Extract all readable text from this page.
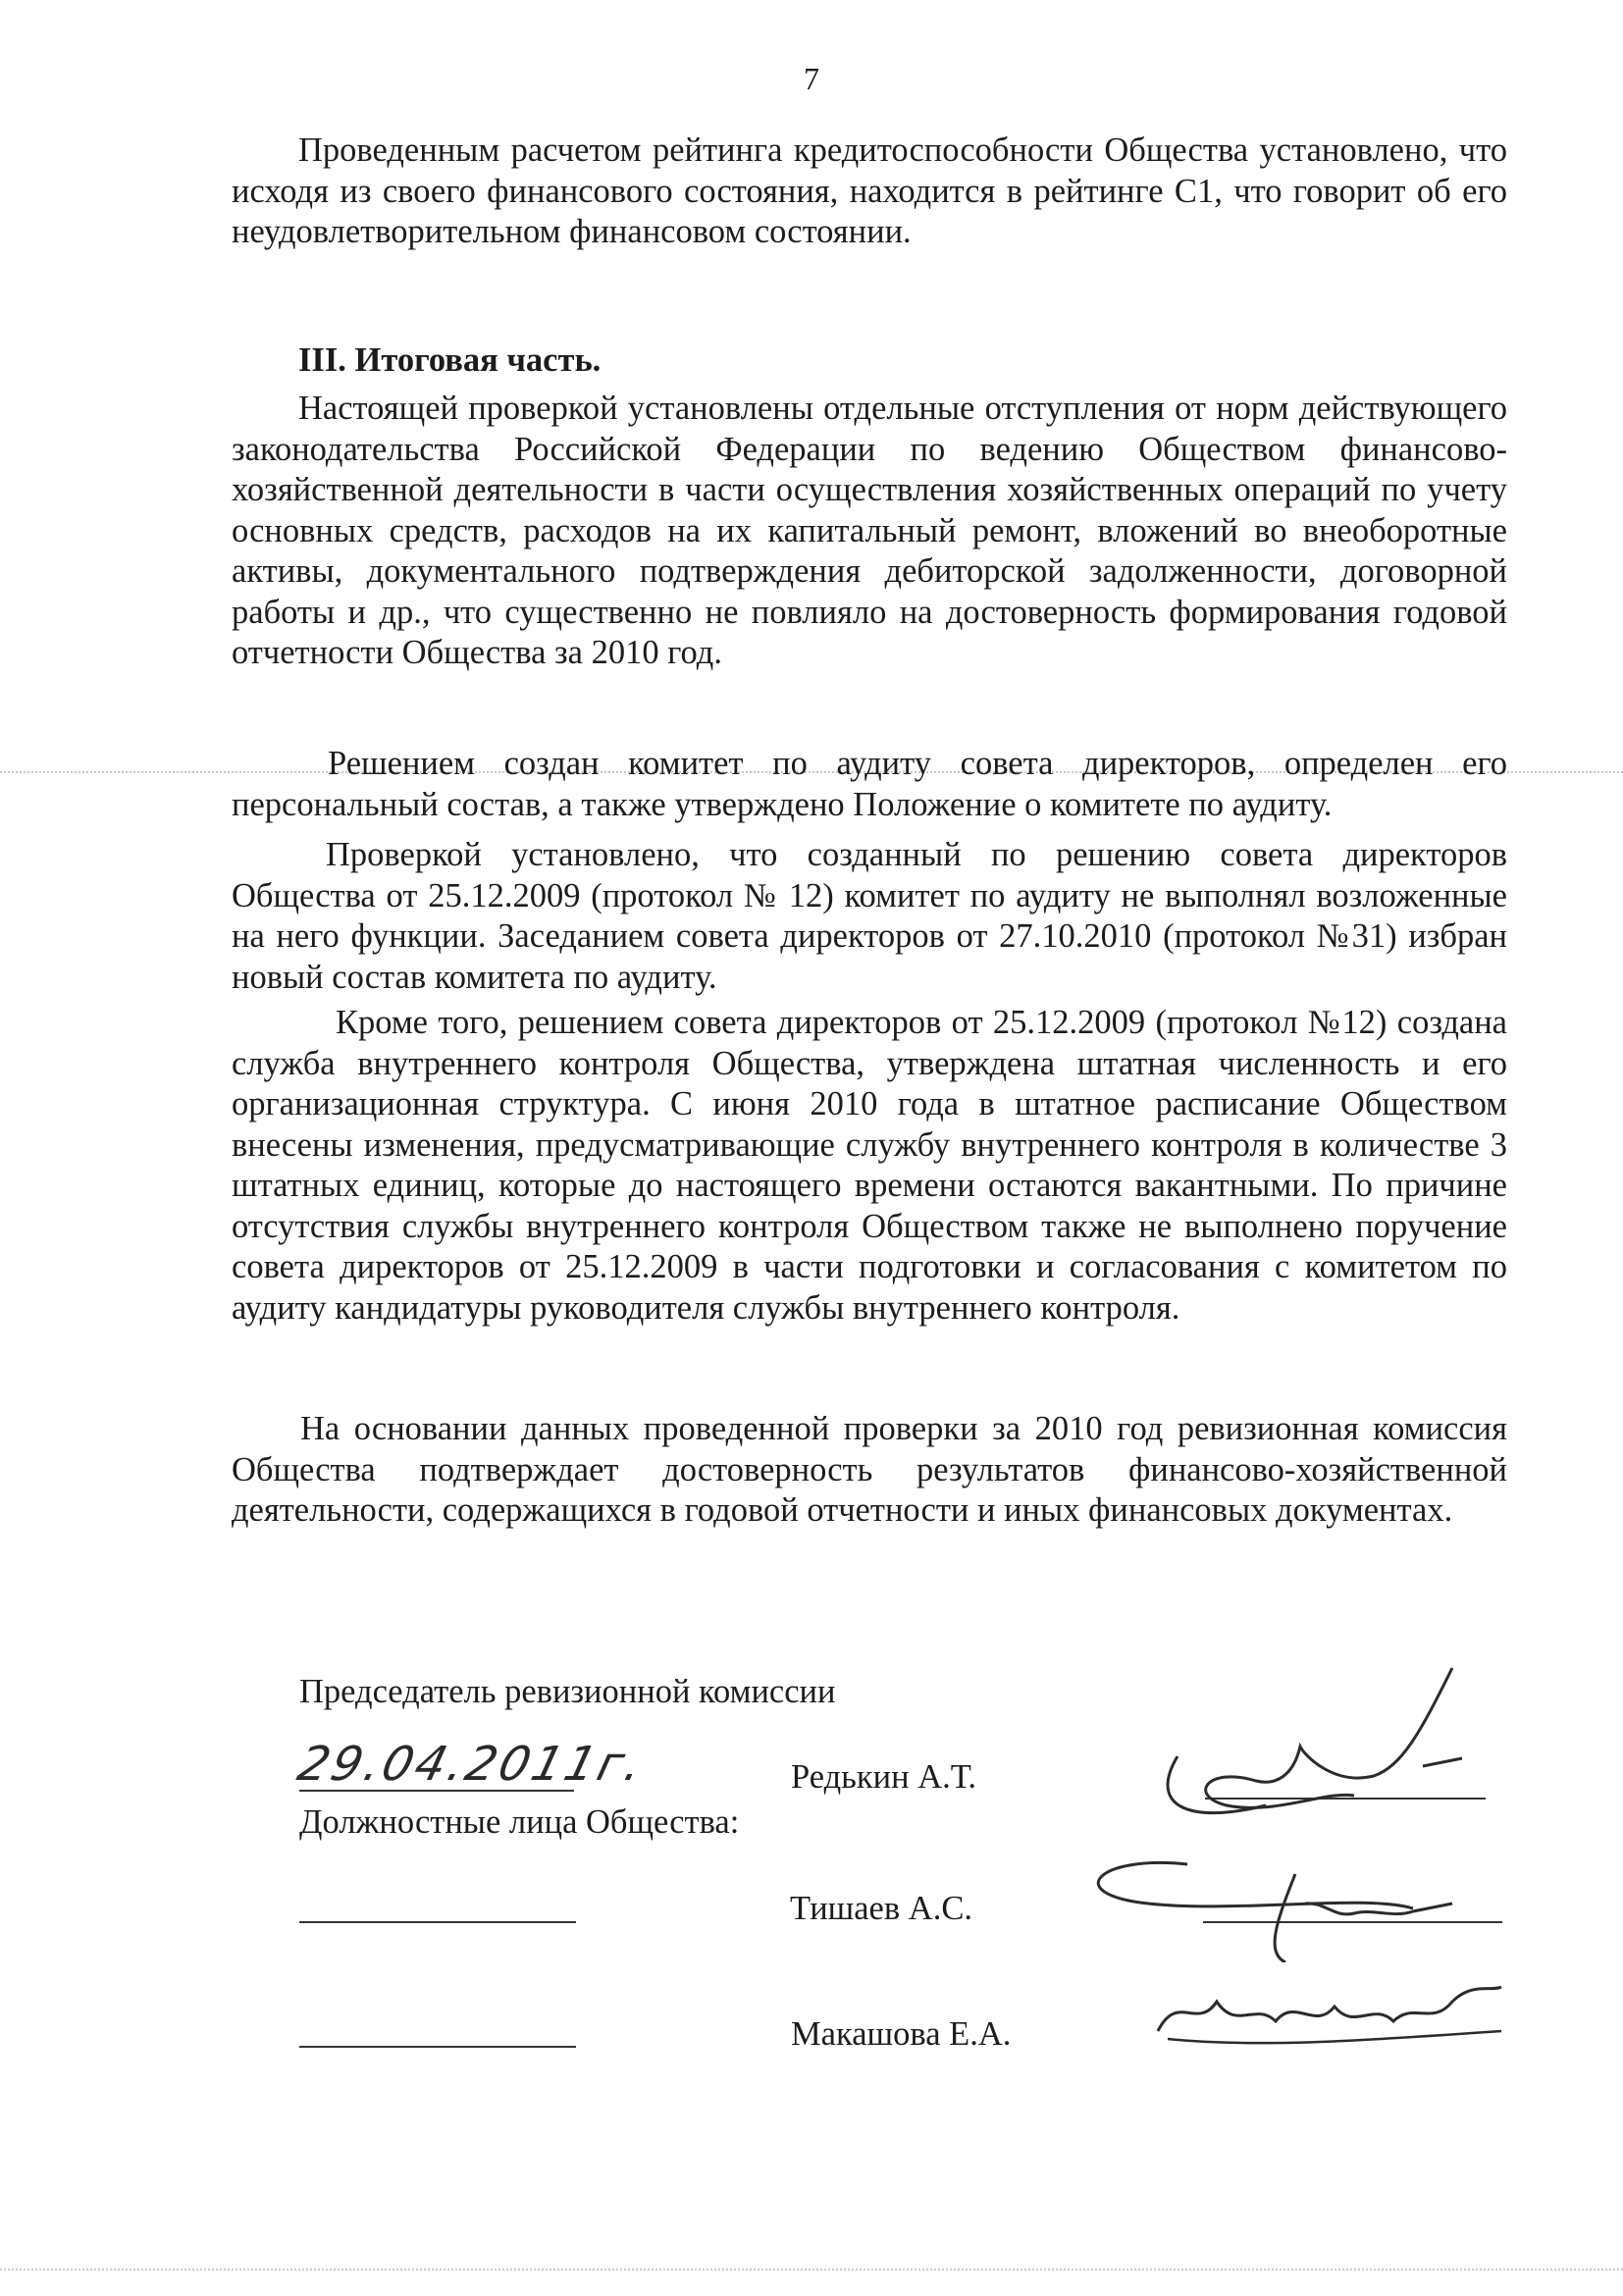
7
Проведенным расчетом рейтинга кредитоспособности Общества установлено, что исходя из своего финансового состояния, находится в рейтинге С1, что говорит об его неудовлетворительном финансовом состоянии.
III. Итоговая часть.
Настоящей проверкой установлены отдельные отступления от норм действующего законодательства Российской Федерации по ведению Обществом финансово-хозяйственной деятельности в части осуществления хозяйственных операций по учету основных средств, расходов на их капитальный ремонт, вложений во внеоборотные активы, документального подтверждения дебиторской задолженности, договорной работы и др., что существенно не повлияло на достоверность формирования годовой отчетности Общества за 2010 год.
Решением создан комитет по аудиту совета директоров, определен его персональный состав, а также утверждено Положение о комитете по аудиту.
Проверкой установлено, что созданный по решению совета директоров Общества от 25.12.2009 (протокол № 12) комитет по аудиту не выполнял возложенные на него функции. Заседанием совета директоров от 27.10.2010 (протокол №31) избран новый состав комитета по аудиту.
Кроме того, решением совета директоров от 25.12.2009 (протокол №12) создана служба внутреннего контроля Общества, утверждена штатная численность и его организационная структура. С июня 2010 года в штатное расписание Обществом внесены изменения, предусматривающие службу внутреннего контроля в количестве 3 штатных единиц, которые до настоящего времени остаются вакантными. По причине отсутствия службы внутреннего контроля Обществом также не выполнено поручение совета директоров от 25.12.2009 в части подготовки и согласования с комитетом по аудиту кандидатуры руководителя службы внутреннего контроля.
На основании данных проведенной проверки за 2010 год ревизионная комиссия Общества подтверждает достоверность результатов финансово-хозяйственной деятельности, содержащихся в годовой отчетности и иных финансовых документах.
Председатель ревизионной комиссии
29.04.2011г.	Редькин А.Т.
Должностные лица Общества:
Тишаев А.С.
Макашова Е.А.
